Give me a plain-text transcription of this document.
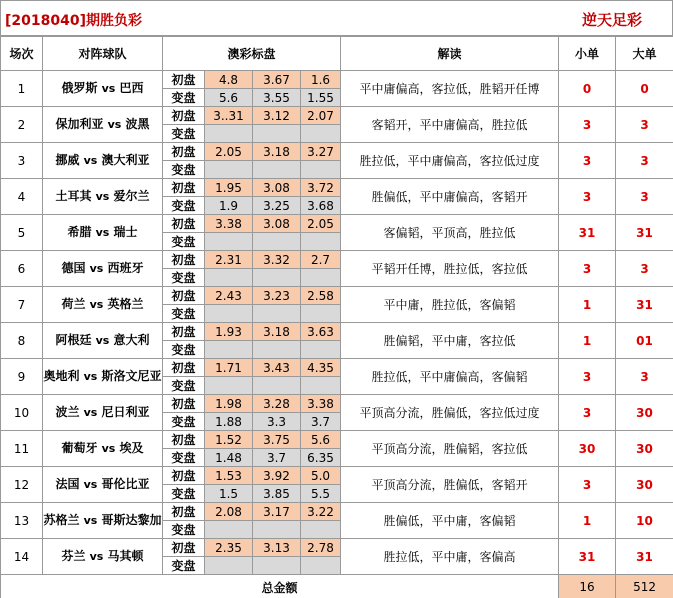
[2018040]期胜负彩	逆天足彩
场次	对阵球队	澳彩标盘				解读	小单	大单
1	俄罗斯 vs 巴西	初盘	4.8	3.67	1.6	平中庸偏高，客拉低，胜韬开任博	0	0
		变盘	5.6	3.55	1.55			
2	保加利亚 vs 波黑	初盘	3..31	3.12	2.07	客韬开，平中庸偏高，胜拉低	3	3
		变盘						
3	挪威 vs 澳大利亚	初盘	2.05	3.18	3.27	胜拉低，平中庸偏高，客拉低过度	3	3
		变盘						
4	土耳其 vs 爱尔兰	初盘	1.95	3.08	3.72	胜偏低，平中庸偏高，客韬开	3	3
		变盘	1.9	3.25	3.68			
5	希腊 vs 瑞士	初盘	3.38	3.08	2.05	客偏韬，平顶高，胜拉低	31	31
		变盘						
6	德国 vs 西班牙	初盘	2.31	3.32	2.7	平韬开任博，胜拉低，客拉低	3	3
		变盘						
7	荷兰 vs 英格兰	初盘	2.43	3.23	2.58	平中庸，胜拉低，客偏韬	1	31
		变盘						
8	阿根廷 vs 意大利	初盘	1.93	3.18	3.63	胜偏韬，平中庸，客拉低	1	01
		变盘						
9	奥地利 vs 斯洛文尼亚	初盘	1.71	3.43	4.35	胜拉低，平中庸偏高，客偏韬	3	3
		变盘						
10	波兰 vs 尼日利亚	初盘	1.98	3.28	3.38	平顶高分流，胜偏低，客拉低过度	3	30
		变盘	1.88	3.3	3.7			
11	葡萄牙 vs 埃及	初盘	1.52	3.75	5.6	平顶高分流，胜偏韬，客拉低	30	30
		变盘	1.48	3.7	6.35			
12	法国 vs 哥伦比亚	初盘	1.53	3.92	5.0	平顶高分流，胜偏低，客韬开	3	30
		变盘	1.5	3.85	5.5			
13	苏格兰 vs 哥斯达黎加	初盘	2.08	3.17	3.22	胜偏低，平中庸，客偏韬	1	10
		变盘						
14	芬兰 vs 马其顿	初盘	2.35	3.13	2.78	胜拉低，平中庸，客偏高	31	31
		变盘						
总金额							16	512
